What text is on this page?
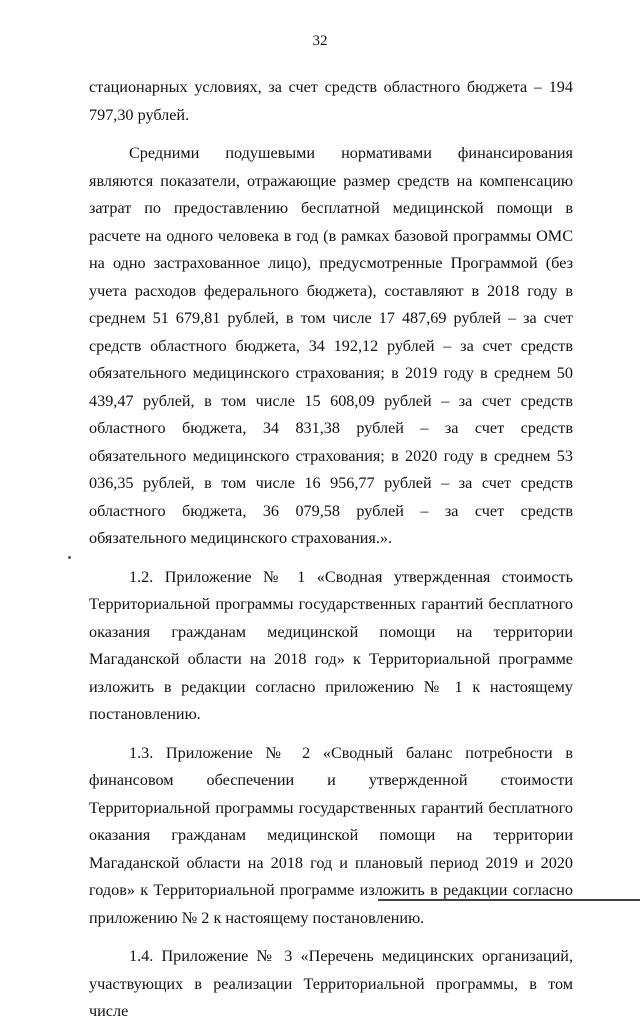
32

стационарных условиях, за счет средств областного бюджета – 194 797,30 рублей.

Средними подушевыми нормативами финансирования являются показатели, отражающие размер средств на компенсацию затрат по предоставлению бесплатной медицинской помощи в расчете на одного человека в год (в рамках базовой программы ОМС на одно застрахованное лицо), предусмотренные Программой (без учета расходов федерального бюджета), составляют в 2018 году в среднем 51 679,81 рублей, в том числе 17 487,69 рублей – за счет средств областного бюджета, 34 192,12 рублей – за счет средств обязательного медицинского страхования; в 2019 году в среднем 50 439,47 рублей, в том числе 15 608,09 рублей – за счет средств областного бюджета, 34 831,38 рублей – за счет средств обязательного медицинского страхования; в 2020 году в среднем 53 036,35 рублей, в том числе 16 956,77 рублей – за счет средств областного бюджета, 36 079,58 рублей – за счет средств обязательного медицинского страхования.».

1.2. Приложение № 1 «Сводная утвержденная стоимость Территориальной программы государственных гарантий бесплатного оказания гражданам медицинской помощи на территории Магаданской области на 2018 год» к Территориальной программе изложить в редакции согласно приложению № 1 к настоящему постановлению.

1.3. Приложение № 2 «Сводный баланс потребности в финансовом обеспечении и утвержденной стоимости Территориальной программы государственных гарантий бесплатного оказания гражданам медицинской помощи на территории Магаданской области на 2018 год и плановый период 2019 и 2020 годов» к Территориальной программе изложить в редакции согласно приложению № 2 к настоящему постановлению.

1.4. Приложение № 3 «Перечень медицинских организаций, участвующих в реализации Территориальной программы, в том числе
